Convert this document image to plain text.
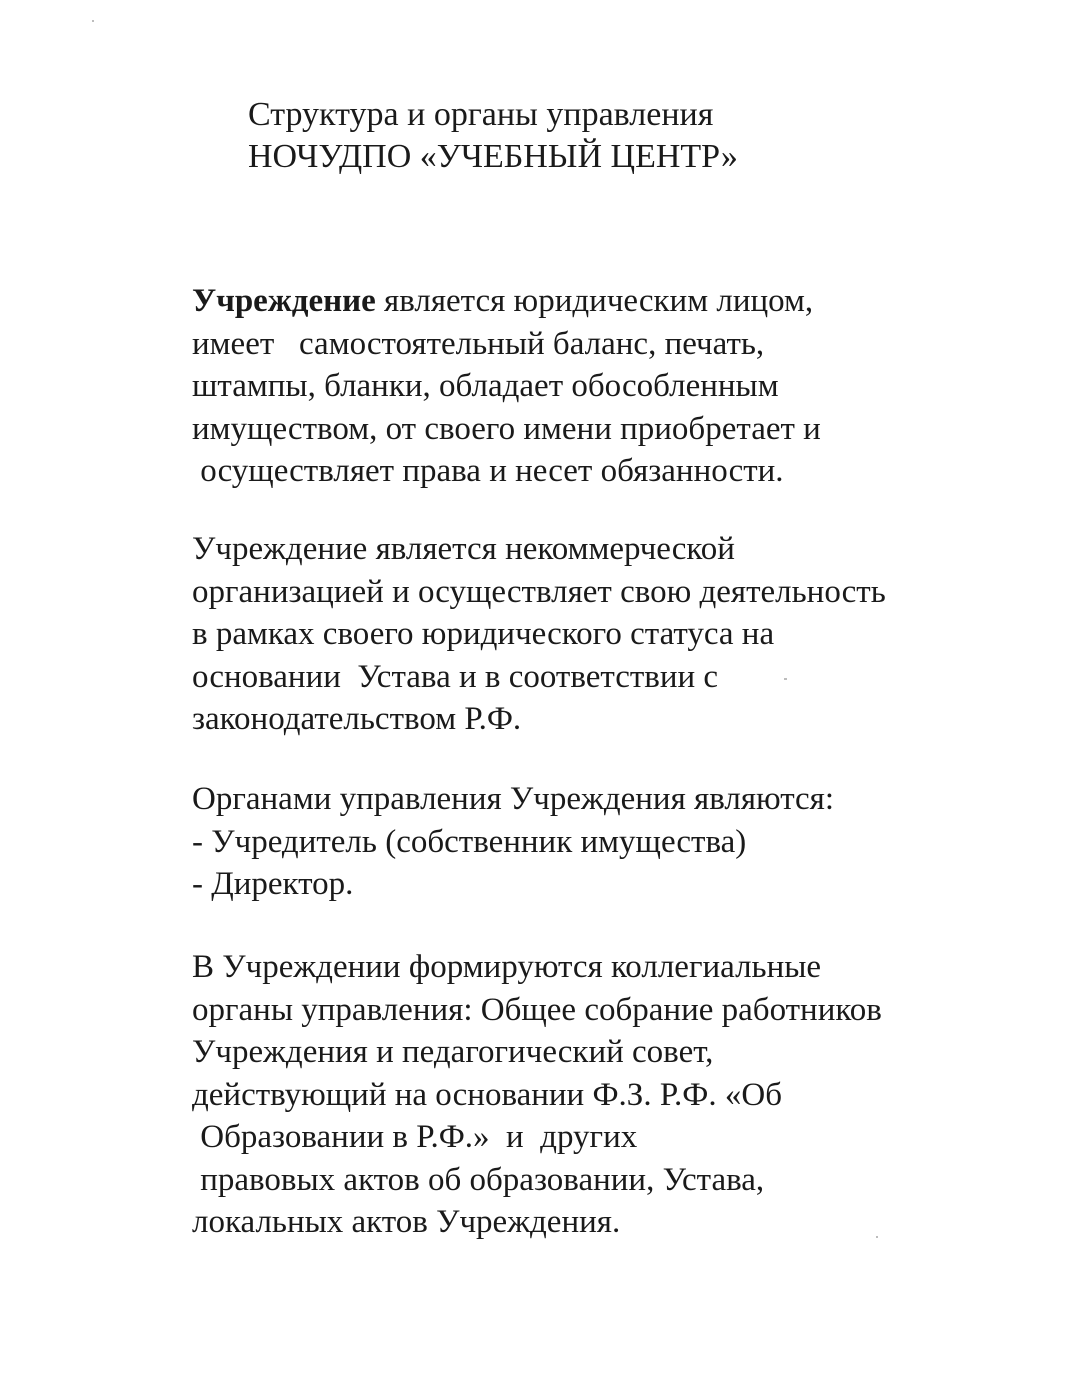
Структура и органы управления
НОЧУДПО «УЧЕБНЫЙ ЦЕНТР»
Учреждение является юридическим лицом,
имеет   самостоятельный баланс, печать,
штампы, бланки, обладает обособленным
имуществом, от своего имени приобретает и
осуществляет права и несет обязанности.
Учреждение является некоммерческой
организацией и осуществляет свою деятельность
в рамках своего юридического статуса на
основании  Устава и в соответствии с
законодательством Р.Ф.
Органами управления Учреждения являются:
- Учредитель (собственник имущества)
- Директор.
В Учреждении формируются коллегиальные
органы управления: Общее собрание работников
Учреждения и педагогический совет,
действующий на основании Ф.З. Р.Ф. «Об
Образовании в Р.Ф.»  и  других
правовых актов об образовании, Устава,
локальных актов Учреждения.
